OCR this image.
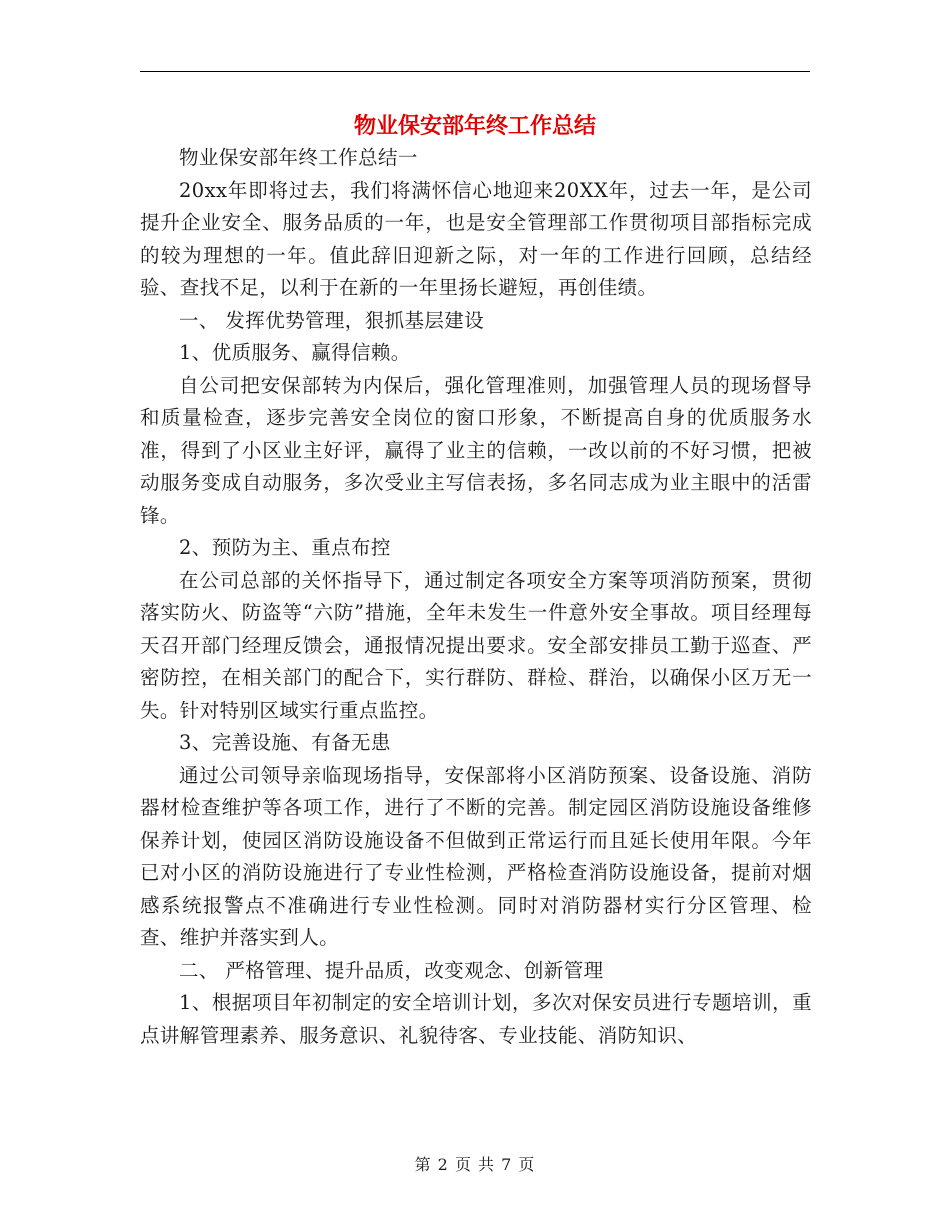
物业保安部年终工作总结

物业保安部年终工作总结一

20xx年即将过去，我们将满怀信心地迎来20XX年，过去一年，是公司提升企业安全、服务品质的一年，也是安全管理部工作贯彻项目部指标完成的较为理想的一年。值此辞旧迎新之际，对一年的工作进行回顾，总结经验、查找不足，以利于在新的一年里扬长避短，再创佳绩。

一、 发挥优势管理，狠抓基层建设

1、优质服务、赢得信赖。

自公司把安保部转为内保后，强化管理准则，加强管理人员的现场督导和质量检查，逐步完善安全岗位的窗口形象，不断提高自身的优质服务水准，得到了小区业主好评，赢得了业主的信赖，一改以前的不好习惯，把被动服务变成自动服务，多次受业主写信表扬，多名同志成为业主眼中的活雷锋。

2、预防为主、重点布控

在公司总部的关怀指导下，通过制定各项安全方案等项消防预案，贯彻落实防火、防盗等“六防”措施，全年未发生一件意外安全事故。项目经理每天召开部门经理反馈会，通报情况提出要求。安全部安排员工勤于巡查、严密防控，在相关部门的配合下，实行群防、群检、群治，以确保小区万无一失。针对特别区域实行重点监控。

3、完善设施、有备无患

通过公司领导亲临现场指导，安保部将小区消防预案、设备设施、消防器材检查维护等各项工作，进行了不断的完善。制定园区消防设施设备维修保养计划，使园区消防设施设备不但做到正常运行而且延长使用年限。今年已对小区的消防设施进行了专业性检测，严格检查消防设施设备，提前对烟感系统报警点不准确进行专业性检测。同时对消防器材实行分区管理、检查、维护并落实到人。

二、 严格管理、提升品质，改变观念、创新管理

1、根据项目年初制定的安全培训计划，多次对保安员进行专题培训，重点讲解管理素养、服务意识、礼貌待客、专业技能、消防知识、

第 2 页 共 7 页
